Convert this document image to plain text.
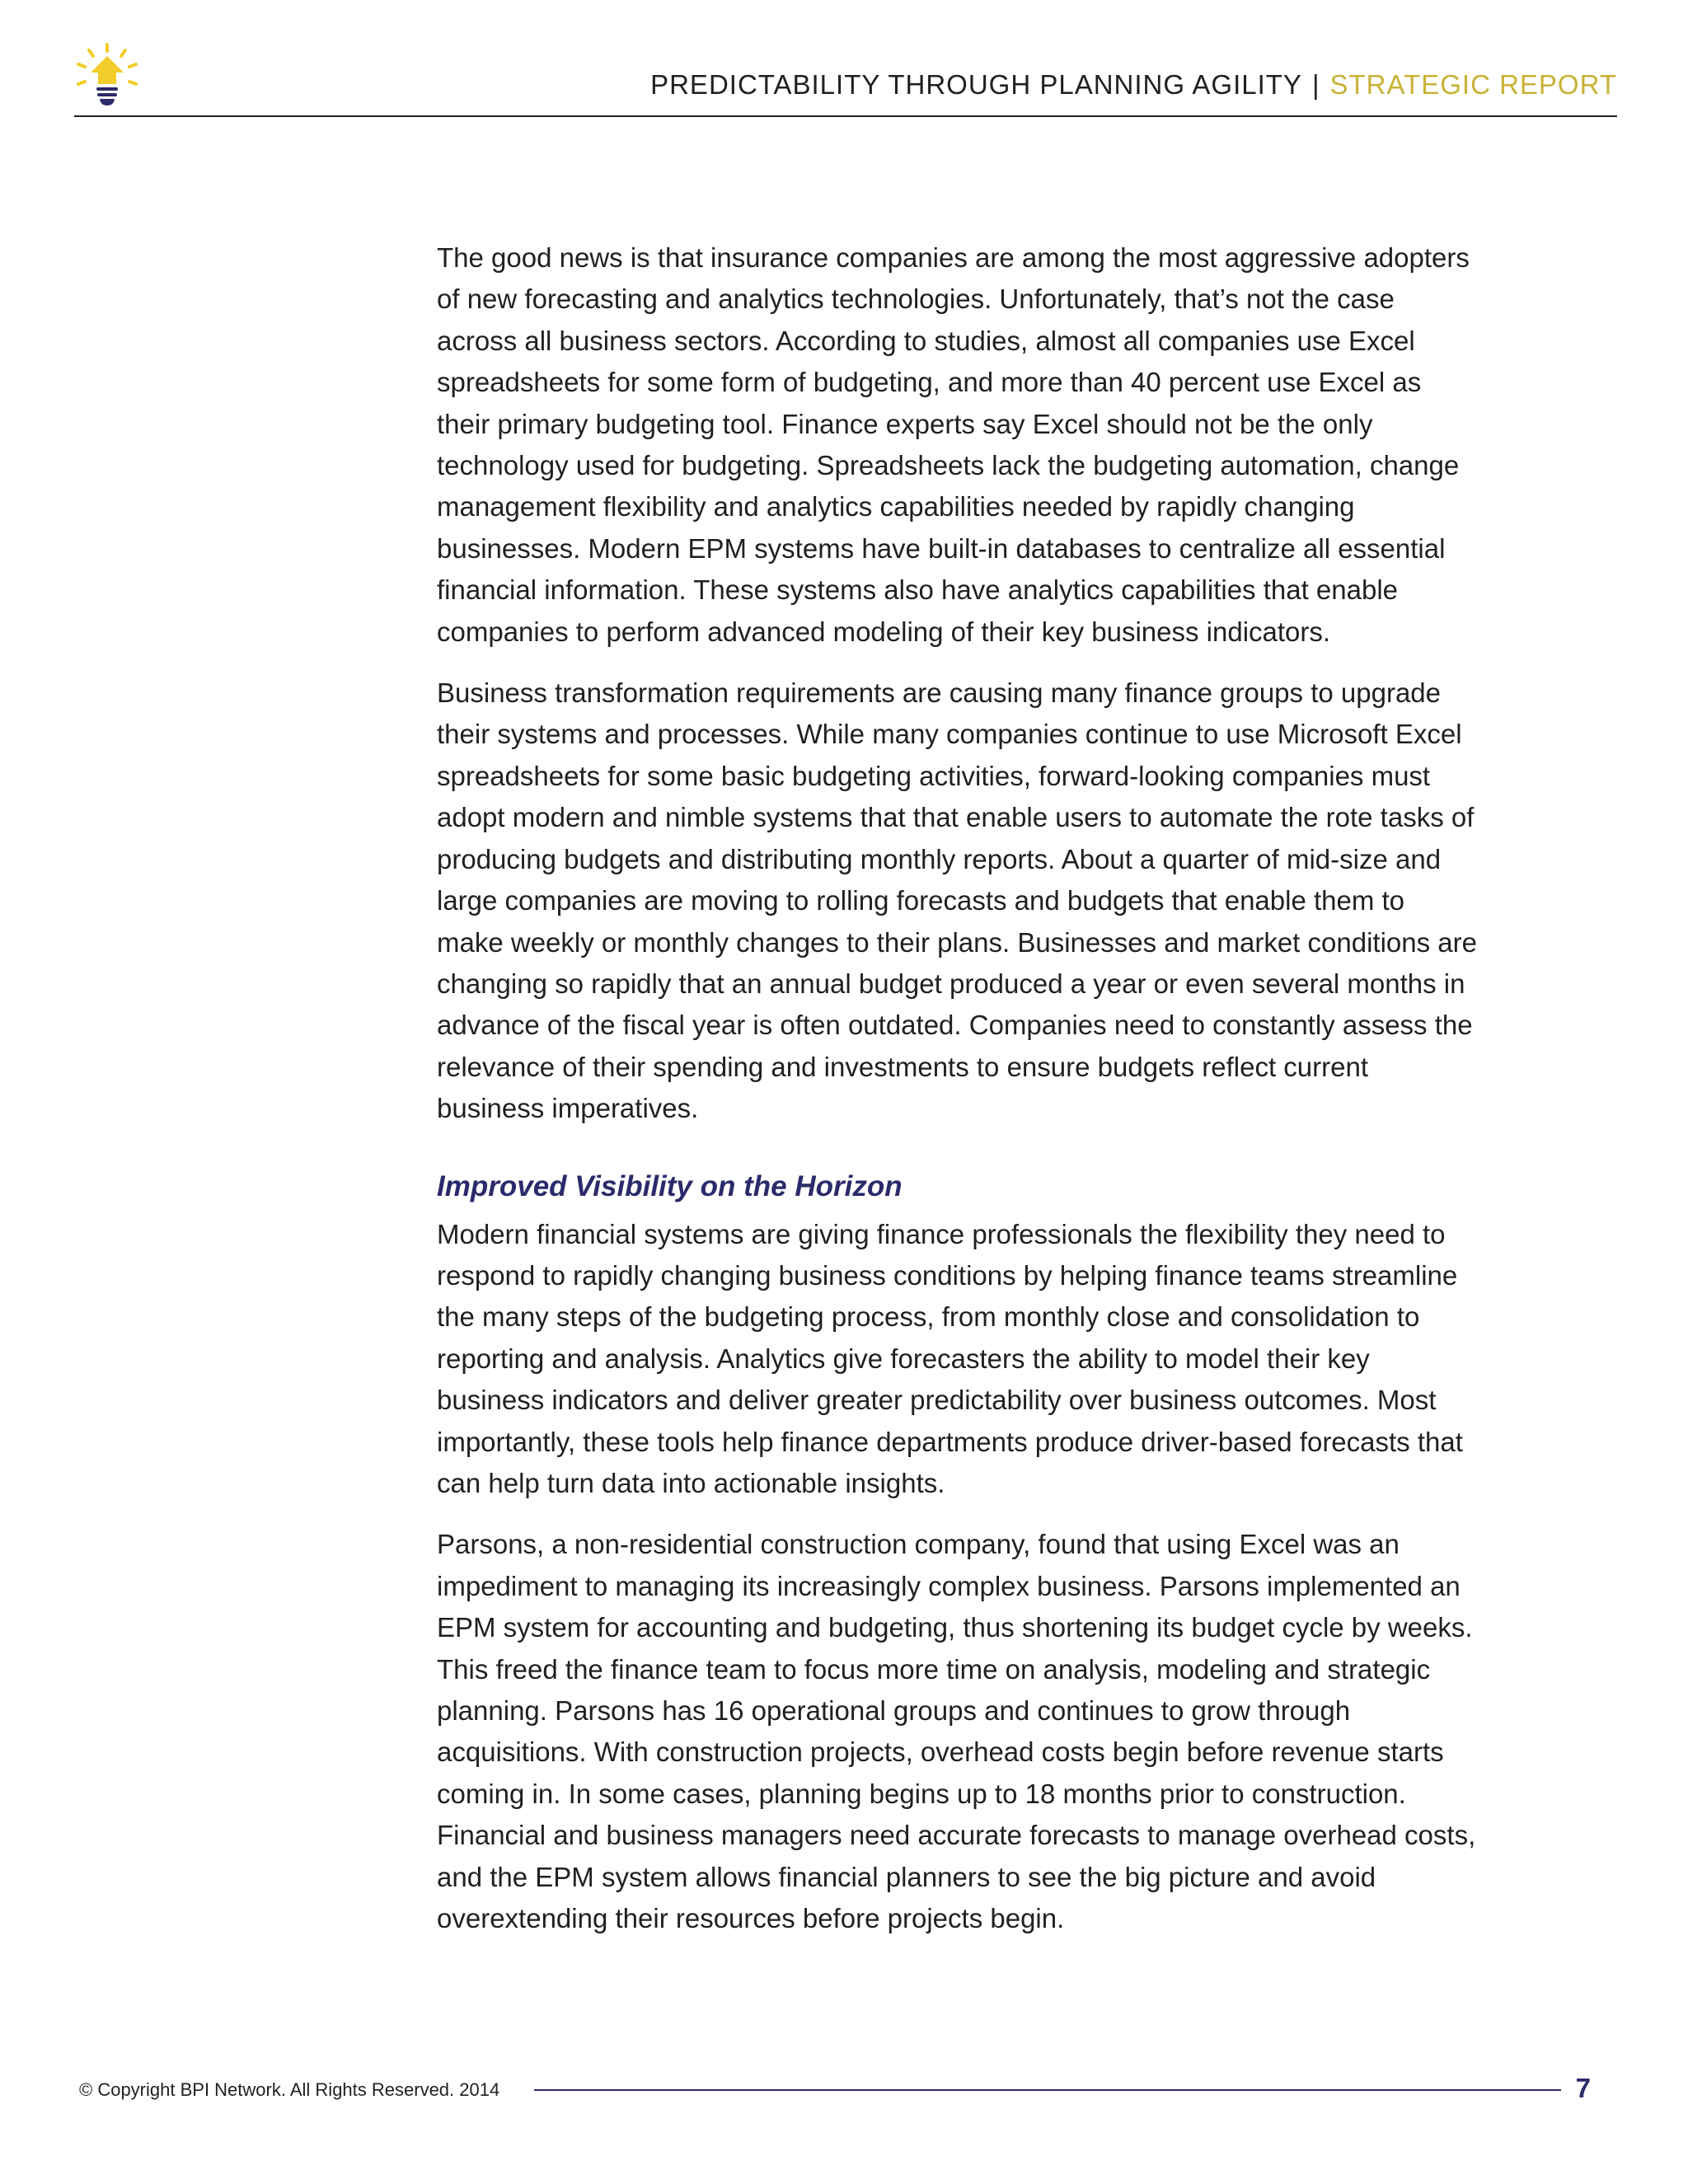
PREDICTABILITY THROUGH PLANNING AGILITY | STRATEGIC REPORT

The good news is that insurance companies are among the most aggressive adopters of new forecasting and analytics technologies. Unfortunately, that’s not the case across all business sectors. According to studies, almost all companies use Excel spreadsheets for some form of budgeting, and more than 40 percent use Excel as their primary budgeting tool. Finance experts say Excel should not be the only technology used for budgeting. Spreadsheets lack the budgeting automation, change management flexibility and analytics capabilities needed by rapidly changing businesses. Modern EPM systems have built-in databases to centralize all essential financial information. These systems also have analytics capabilities that enable companies to perform advanced modeling of their key business indicators.

Business transformation requirements are causing many finance groups to upgrade their systems and processes. While many companies continue to use Microsoft Excel spreadsheets for some basic budgeting activities, forward-looking companies must adopt modern and nimble systems that that enable users to automate the rote tasks of producing budgets and distributing monthly reports. About a quarter of mid-size and large companies are moving to rolling forecasts and budgets that enable them to make weekly or monthly changes to their plans. Businesses and market conditions are changing so rapidly that an annual budget produced a year or even several months in advance of the fiscal year is often outdated. Companies need to constantly assess the relevance of their spending and investments to ensure budgets reflect current business imperatives.

Improved Visibility on the Horizon

Modern financial systems are giving finance professionals the flexibility they need to respond to rapidly changing business conditions by helping finance teams streamline the many steps of the budgeting process, from monthly close and consolidation to reporting and analysis. Analytics give forecasters the ability to model their key business indicators and deliver greater predictability over business outcomes. Most importantly, these tools help finance departments produce driver-based forecasts that can help turn data into actionable insights.

Parsons, a non-residential construction company, found that using Excel was an impediment to managing its increasingly complex business. Parsons implemented an EPM system for accounting and budgeting, thus shortening its budget cycle by weeks. This freed the finance team to focus more time on analysis, modeling and strategic planning. Parsons has 16 operational groups and continues to grow through acquisitions. With construction projects, overhead costs begin before revenue starts coming in. In some cases, planning begins up to 18 months prior to construction. Financial and business managers need accurate forecasts to manage overhead costs, and the EPM system allows financial planners to see the big picture and avoid overextending their resources before projects begin.

© Copyright BPI Network. All Rights Reserved. 2014	7
